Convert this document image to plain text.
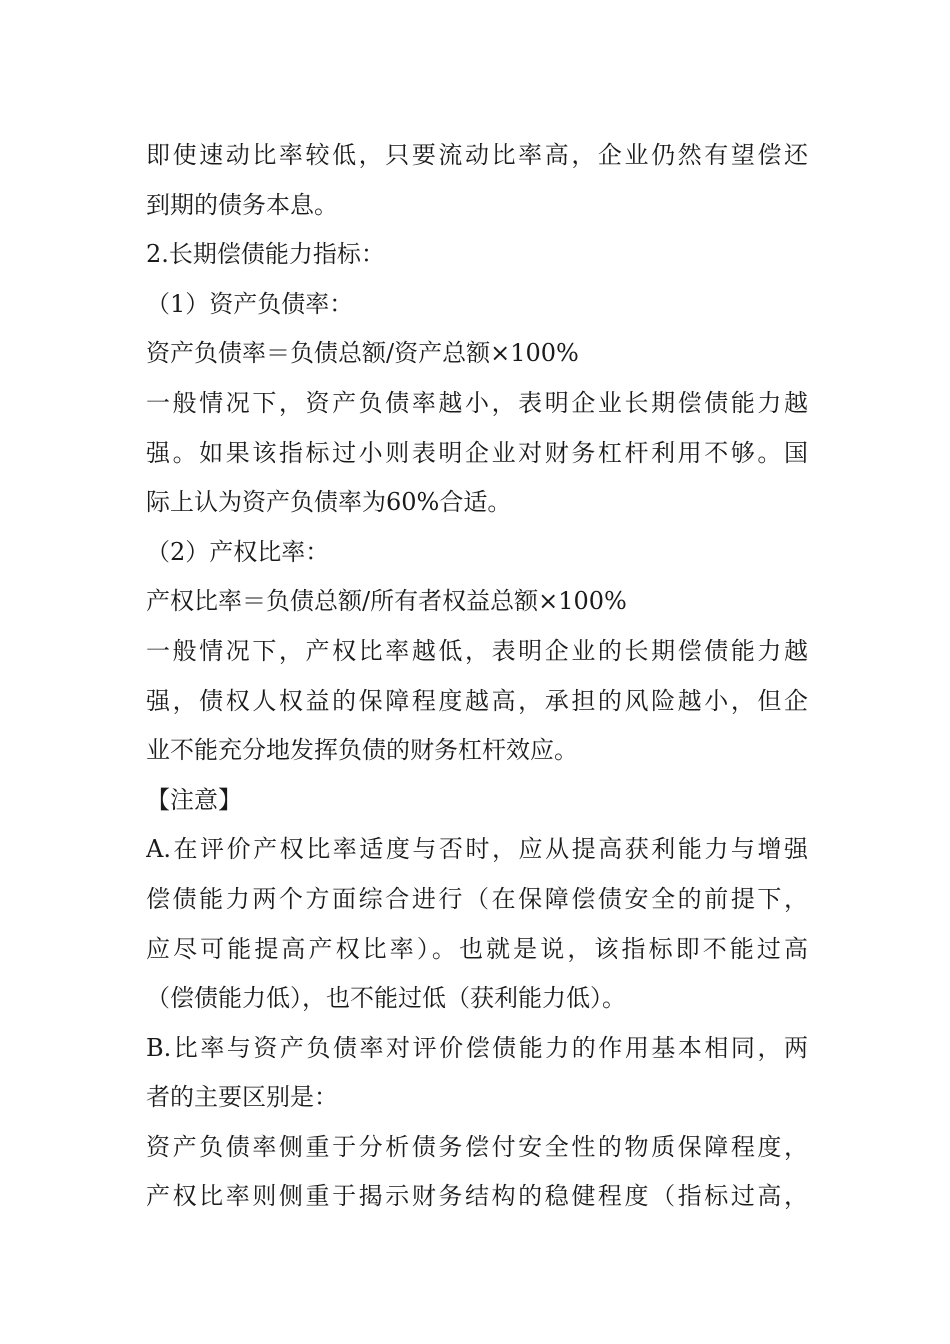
即使速动比率较低，只要流动比率高，企业仍然有望偿还
到期的债务本息。
2.长期偿债能力指标：
（1）资产负债率：
资产负债率＝负债总额/资产总额×100%
一般情况下，资产负债率越小，表明企业长期偿债能力越
强。如果该指标过小则表明企业对财务杠杆利用不够。国
际上认为资产负债率为60%合适。
（2）产权比率：
产权比率＝负债总额/所有者权益总额×100%
一般情况下，产权比率越低，表明企业的长期偿债能力越
强，债权人权益的保障程度越高，承担的风险越小，但企
业不能充分地发挥负债的财务杠杆效应。
【注意】
A.在评价产权比率适度与否时，应从提高获利能力与增强
偿债能力两个方面综合进行（在保障偿债安全的前提下，
应尽可能提高产权比率）。也就是说，该指标即不能过高
（偿债能力低），也不能过低（获利能力低）。
B.比率与资产负债率对评价偿债能力的作用基本相同，两
者的主要区别是：
资产负债率侧重于分析债务偿付安全性的物质保障程度，
产权比率则侧重于揭示财务结构的稳健程度（指标过高，
